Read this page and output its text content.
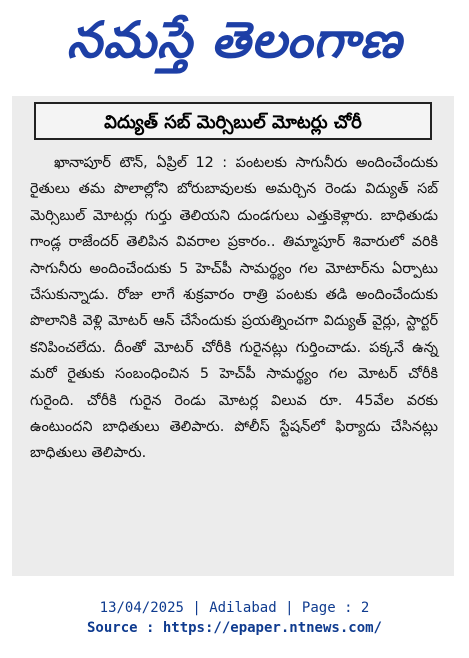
నమస్తే తెలంగాణ
విద్యుత్ సబ్ మెర్సిబుల్ మోటర్లు చోరీ
ఖానాపూర్ టౌన్, ఏప్రిల్ 12 : పంటలకు సాగునీరు అందించేందుకు రైతులు తమ పొలాల్లోని బోరుబావులకు అమర్చిన రెండు విద్యుత్ సబ్ మెర్సిబుల్ మోటర్లు గుర్తు తెలియని దుండగులు ఎత్తుకెళ్లారు. బాధితుడు గాండ్ల రాజేందర్ తెలిపిన వివరాల ప్రకారం.. తిమ్మాపూర్ శివారులో వరికి సాగునీరు అందించేందుకు 5 హెచ్‌పీ సామర్థ్యం గల మోటార్‌ను ఏర్పాటు చేసుకున్నాడు. రోజు లాగే శుక్రవారం రాత్రి పంటకు తడి అందించేందుకు పొలానికి వెళ్లి మోటర్ ఆన్ చేసేందుకు ప్రయత్నించగా విద్యుత్ వైర్లు, స్టార్టర్ కనిపించలేదు. దీంతో మోటర్ చోరీకి గురైనట్లు గుర్తించాడు. పక్కనే ఉన్న మరో రైతుకు సంబంధించిన 5 హెచ్‌పీ సామర్థ్యం గల మోటర్ చోరీకి గురైంది. చోరీకి గురైన రెండు మోటర్ల విలువ రూ. 45వేల వరకు ఉంటుందని బాధితులు తెలిపారు. పోలీస్ స్టేషన్‌లో ఫిర్యాదు చేసినట్లు బాధితులు తెలిపారు.
13/04/2025 | Adilabad | Page : 2
Source : https://epaper.ntnews.com/
